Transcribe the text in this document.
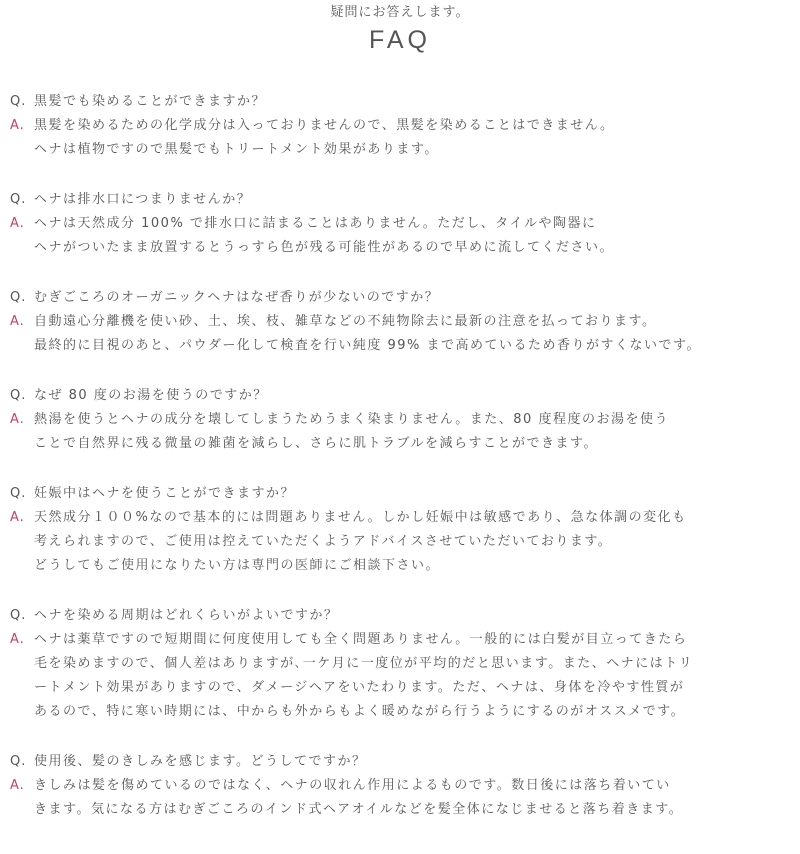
疑問にお答えします。
FAQ
Q. 黒髪でも染めることができますか？
A. 黒髪を染めるための化学成分は入っておりませんので、黒髪を染めることはできません。
ヘナは植物ですので黒髪でもトリートメント効果があります。
Q. ヘナは排水口につまりませんか？
A. ヘナは天然成分 100% で排水口に詰まることはありません。ただし、タイルや陶器に
ヘナがついたまま放置するとうっすら色が残る可能性があるので早めに流してください。
Q. むぎごころのオーガニックヘナはなぜ香りが少ないのですか？
A. 自動遠心分離機を使い砂、土、埃、枝、雑草などの不純物除去に最新の注意を払っております。
最終的に目視のあと、パウダー化して検査を行い純度 99% まで高めているため香りがすくないです。
Q. なぜ 80 度のお湯を使うのですか？
A. 熱湯を使うとヘナの成分を壊してしまうためうまく染まりません。また、80 度程度のお湯を使う
ことで自然界に残る微量の雑菌を減らし、さらに肌トラブルを減らすことができます。
Q. 妊娠中はヘナを使うことができますか？
A. 天然成分１００%なので基本的には問題ありません。しかし妊娠中は敏感であり、急な体調の変化も
考えられますので、ご使用は控えていただくようアドバイスさせていただいております。
どうしてもご使用になりたい方は専門の医師にご相談下さい。
Q. ヘナを染める周期はどれくらいがよいですか？
A. ヘナは薬草ですので短期間に何度使用しても全く問題ありません。一般的には白髪が目立ってきたら
毛を染めますので、個人差はありますが､一ケ月に一度位が平均的だと思います。また、ヘナにはトリ
ートメント効果がありますので、ダメージヘアをいたわります。ただ、ヘナは、身体を冷やす性質が
あるので、特に寒い時期には、中からも外からもよく暖めながら行うようにするのがオススメです。
Q. 使用後、髪のきしみを感じます。どうしてですか？
A. きしみは髪を傷めているのではなく、ヘナの収れん作用によるものです。数日後には落ち着いてい
きます。気になる方はむぎごころのインド式ヘアオイルなどを髪全体になじませると落ち着きます。
